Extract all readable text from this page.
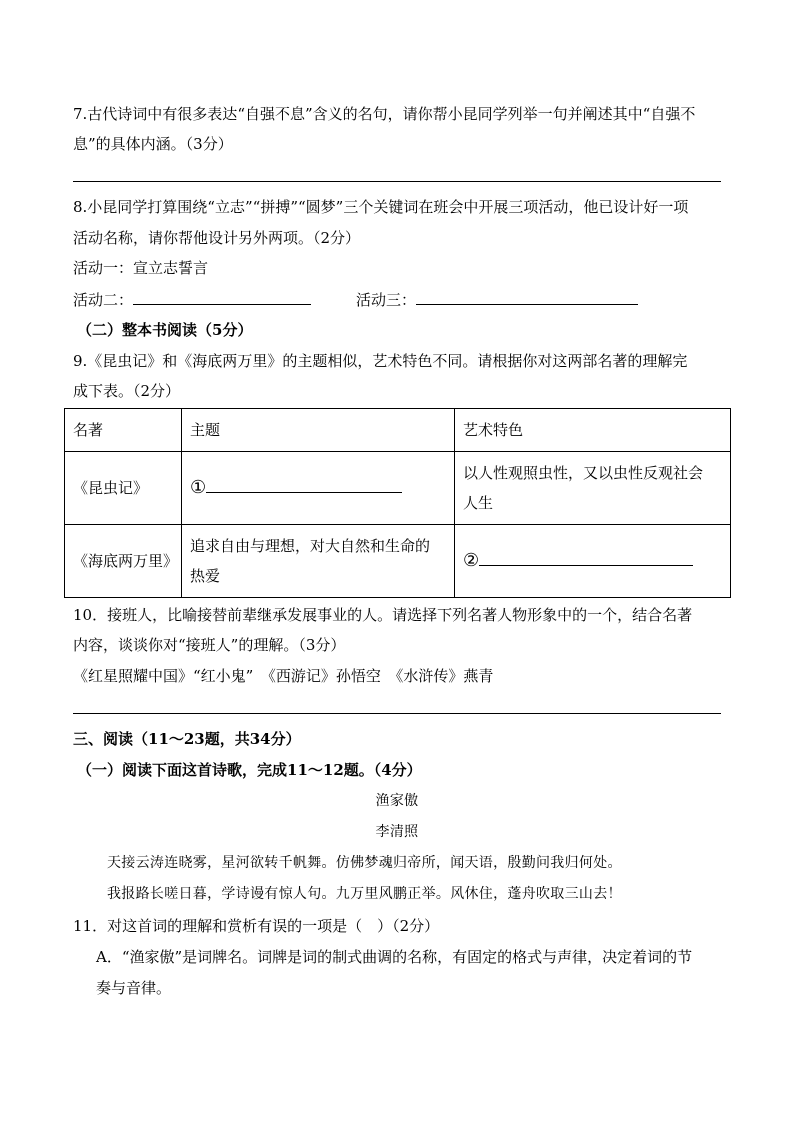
7.古代诗词中有很多表达“自强不息”含义的名句，请你帮小昆同学列举一句并阐述其中“自强不
息”的具体内涵。（3分）
8.小昆同学打算围绕“立志”“拼搏”“圆梦”三个关键词在班会中开展三项活动，他已设计好一项
活动名称，请你帮他设计另外两项。（2分）
活动一：宣立志誓言
活动二：	活动三：
（二）整本书阅读（5分）
9.《昆虫记》和《海底两万里》的主题相似，艺术特色不同。请根据你对这两部名著的理解完
成下表。（2分）
名著	主题	艺术特色
《昆虫记》	①	以人性观照虫性，又以虫性反观社会
人生

《海底两万里》	追求自由与理想，对大自然和生命的
热爱	②
10．接班人，比喻接替前辈继承发展事业的人。请选择下列名著人物形象中的一个，结合名著
内容，谈谈你对“接班人”的理解。（3分）
《红星照耀中国》“红小鬼”　《西游记》孙悟空　《水浒传》燕青
三、阅读（11～23题，共34分）
（一）阅读下面这首诗歌，完成11～12题。（4分）
渔家傲
李清照
天接云涛连晓雾，星河欲转千帆舞。仿佛梦魂归帝所，闻天语，殷勤问我归何处。
我报路长嗟日暮，学诗谩有惊人句。九万里风鹏正举。风休住，蓬舟吹取三山去！
11．对这首词的理解和赏析有误的一项是（　）（2分）
A．“渔家傲”是词牌名。词牌是词的制式曲调的名称，有固定的格式与声律，决定着词的节
奏与音律。
